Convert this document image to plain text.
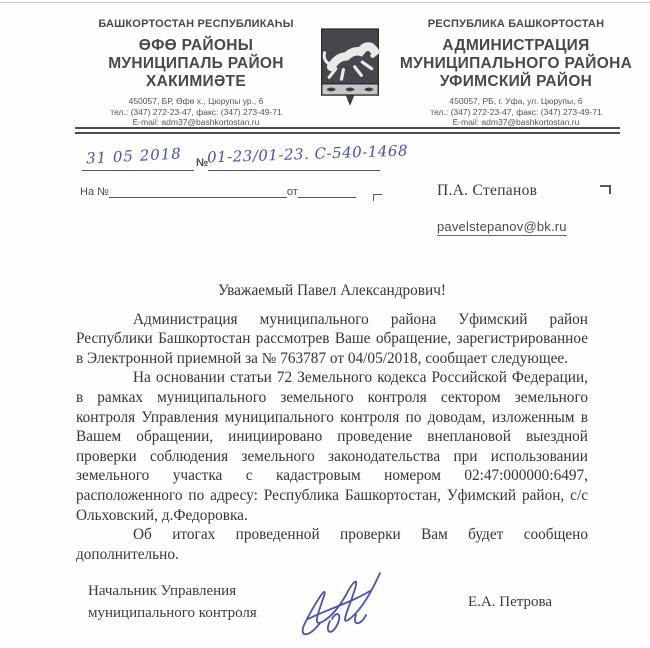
БАШКОРТОСТАН РЕСПУБЛИКАҺЫ
ӨФӨ РАЙОНЫ
МУНИЦИПАЛЬ РАЙОН
ХАКИМИӘТЕ
450057, БР, Өфө х., Цюрупы ур., 6
тел.: (347) 272-23-47, факс: (347) 273-49-71
E-mail: adm37@bashkortostan.ru
РЕСПУБЛИКА БАШКОРТОСТАН
АДМИНИСТРАЦИЯ
МУНИЦИПАЛЬНОГО РАЙОНА
УФИМСКИЙ РАЙОН
450057, РБ, г. Уфа, ул. Цюрупы, 6
тел.: (347) 272-23-47, факс: (347) 273-49-71
E-mail: adm37@bashkortostan.ru
31 05 2018 №
01-23/01-23. С-540-1468
На №	от	П.А. Степанов
pavelstepanov@bk.ru

Уважаемый Павел Александрович!

Администрация муниципального района Уфимский район Республики Башкортостан рассмотрев Ваше обращение, зарегистрированное в Электронной приемной за № 763787 от 04/05/2018, сообщает следующее.

На основании статьи 72 Земельного кодекса Российской Федерации, в рамках муниципального земельного контроля сектором земельного контроля Управления муниципального контроля по доводам, изложенным в Вашем обращении, инициировано проведение внеплановой выездной проверки соблюдения земельного законодательства при использовании земельного участка с кадастровым номером 02:47:000000:6497, расположенного по адресу: Республика Башкортостан, Уфимский район, с/с Ольховский, д.Федоровка.

Об итогах проведенной проверки Вам будет сообщено дополнительно.

Начальник Управления
муниципального контроля
Е.А. Петрова
